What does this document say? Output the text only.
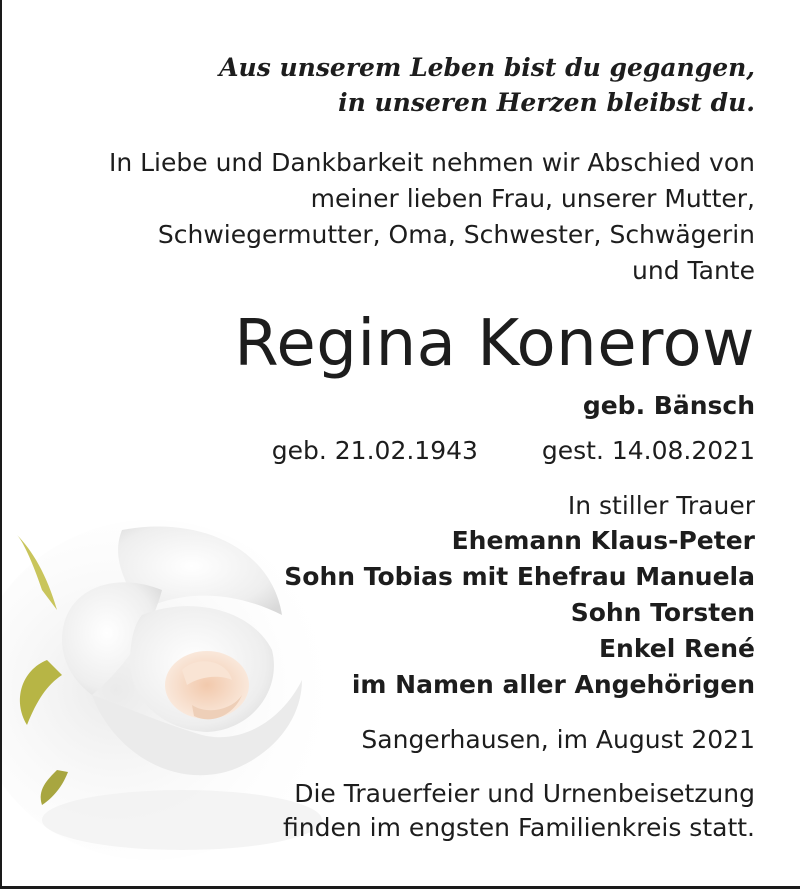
Aus unserem Leben bist du gegangen,
in unseren Herzen bleibst du.
In Liebe und Dankbarkeit nehmen wir Abschied von
meiner lieben Frau, unserer Mutter,
Schwiegermutter, Oma, Schwester, Schwägerin
und Tante
Regina Konerow
geb. Bänsch
geb. 21.02.1943	gest. 14.08.2021
In stiller Trauer
Ehemann Klaus-Peter
Sohn Tobias mit Ehefrau Manuela
Sohn Torsten
Enkel René
im Namen aller Angehörigen
Sangerhausen, im August 2021
Die Trauerfeier und Urnenbeisetzung
finden im engsten Familienkreis statt.
